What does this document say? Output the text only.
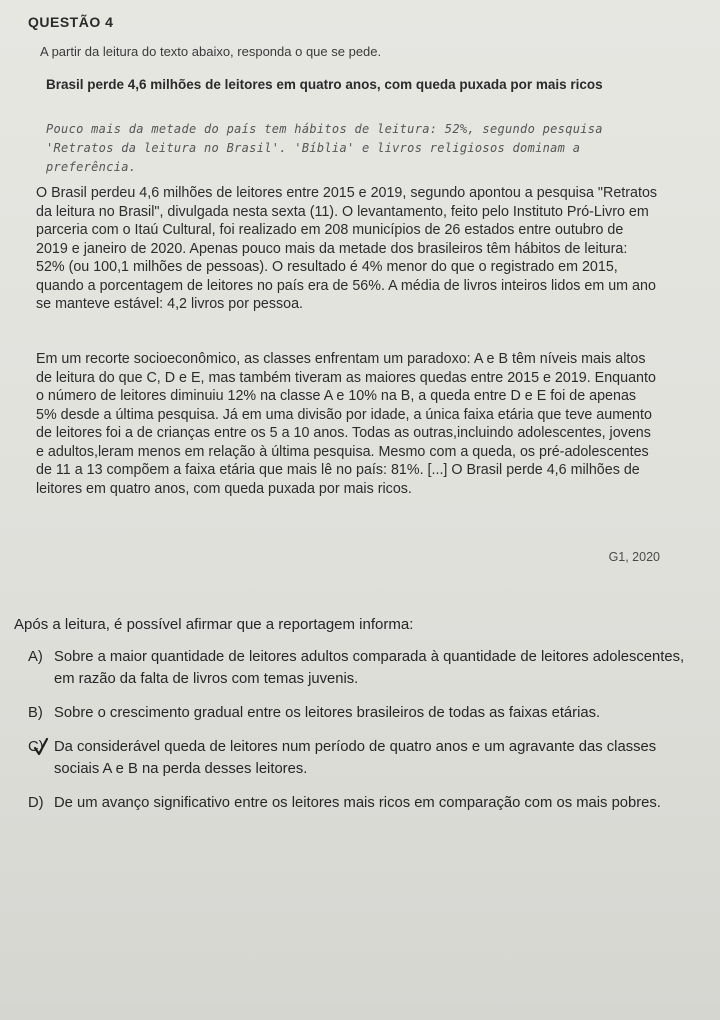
QUESTÃO 4
A partir da leitura do texto abaixo, responda o que se pede.
Brasil perde 4,6 milhões de leitores em quatro anos, com queda puxada por mais ricos
Pouco mais da metade do país tem hábitos de leitura: 52%, segundo pesquisa 'Retratos da leitura no Brasil'. 'Bíblia' e livros religiosos dominam a preferência.
O Brasil perdeu 4,6 milhões de leitores entre 2015 e 2019, segundo apontou a pesquisa "Retratos da leitura no Brasil", divulgada nesta sexta (11). O levantamento, feito pelo Instituto Pró-Livro em parceria com o Itaú Cultural, foi realizado em 208 municípios de 26 estados entre outubro de 2019 e janeiro de 2020. Apenas pouco mais da metade dos brasileiros têm hábitos de leitura: 52% (ou 100,1 milhões de pessoas). O resultado é 4% menor do que o registrado em 2015, quando a porcentagem de leitores no país era de 56%. A média de livros inteiros lidos em um ano se manteve estável: 4,2 livros por pessoa.
Em um recorte socioeconômico, as classes enfrentam um paradoxo: A e B têm níveis mais altos de leitura do que C, D e E, mas também tiveram as maiores quedas entre 2015 e 2019. Enquanto o número de leitores diminuiu 12% na classe A e 10% na B, a queda entre D e E foi de apenas 5% desde a última pesquisa. Já em uma divisão por idade, a única faixa etária que teve aumento de leitores foi a de crianças entre os 5 a 10 anos. Todas as outras,incluindo adolescentes, jovens e adultos,leram menos em relação à última pesquisa. Mesmo com a queda, os pré-adolescentes de 11 a 13 compõem a faixa etária que mais lê no país: 81%. [...] O Brasil perde 4,6 milhões de leitores em quatro anos, com queda puxada por mais ricos.
G1, 2020
Após a leitura, é possível afirmar que a reportagem informa:
A) Sobre a maior quantidade de leitores adultos comparada à quantidade de leitores adolescentes, em razão da falta de livros com temas juvenis.
B) Sobre o crescimento gradual entre os leitores brasileiros de todas as faixas etárias.
C) Da considerável queda de leitores num período de quatro anos e um agravante das classes sociais A e B na perda desses leitores.
D) De um avanço significativo entre os leitores mais ricos em comparação com os mais pobres.
